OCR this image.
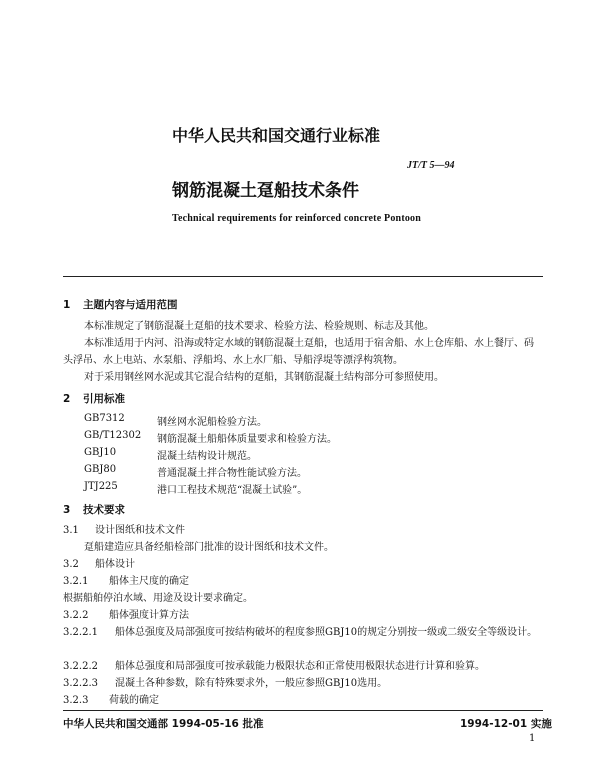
中华人民共和国交通行业标准
JT/T 5—94
钢筋混凝土趸船技术条件
Technical requirements for reinforced concrete Pontoon
1 主题内容与适用范围
本标准规定了钢筋混凝土趸船的技术要求、检验方法、检验规则、标志及其他。
本标准适用于内河、沿海或特定水域的钢筋混凝土趸船，也适用于宿舍船、水上仓库船、水上餐厅、码头浮吊、水上电站、水泵船、浮船坞、水上水厂船、导船浮堤等漂浮构筑物。
对于采用钢丝网水泥或其它混合结构的趸船，其钢筋混凝土结构部分可参照使用。
2 引用标准
GB7312	钢丝网水泥船检验方法。
GB/T12302 钢筋混凝土船船体质量要求和检验方法。
GBJ10	混凝土结构设计规范。
GBJ80	普通混凝土拌合物性能试验方法。
JTJ225	港口工程技术规范“混凝土试验”。
3 技术要求
3.1 设计图纸和技术文件
趸船建造应具备经船检部门批准的设计图纸和技术文件。
3.2 船体设计
3.2.1 船体主尺度的确定
根据船舶停泊水域、用途及设计要求确定。
3.2.2 船体强度计算方法
3.2.2.1 船体总强度及局部强度可按结构破坏的程度参照GBJ10的规定分别按一级或二级安全等级设计。
3.2.2.2 船体总强度和局部强度可按承载能力极限状态和正常使用极限状态进行计算和验算。
3.2.2.3 混凝土各种参数，除有特殊要求外，一般应参照GBJ10选用。
3.2.3 荷载的确定
中华人民共和国交通部 1994-05-16 批准	1994-12-01 实施
1
